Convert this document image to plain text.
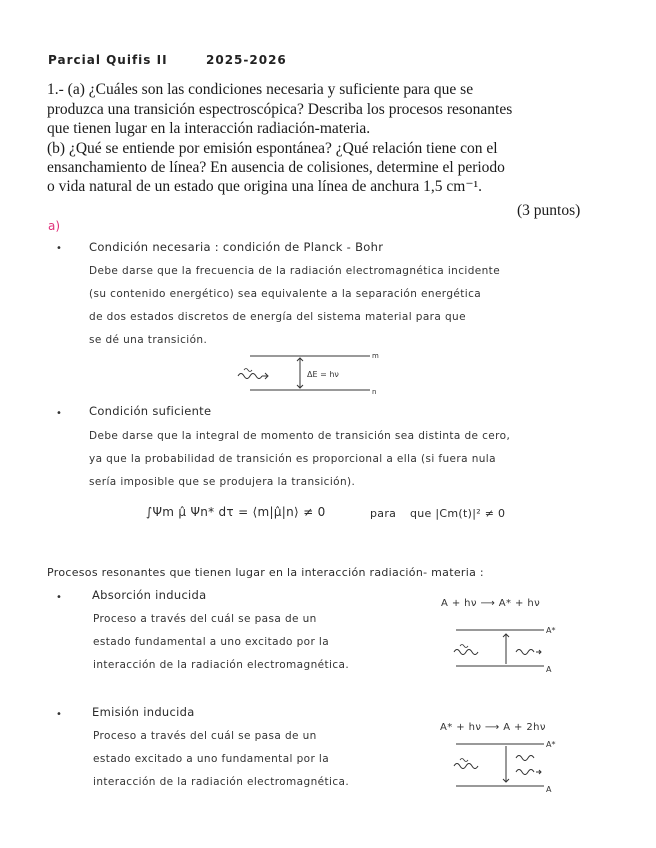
Parcial Quifis II	2025-2026
1.- (a) ¿Cuáles son las condiciones necesaria y suficiente para que se
produzca una transición espectroscópica? Describa los procesos resonantes
que tienen lugar en la interacción radiación-materia.
(b) ¿Qué se entiende por emisión espontánea? ¿Qué relación tiene con el
ensanchamiento de línea? En ausencia de colisiones, determine el periodo
o vida natural de un estado que origina una línea de anchura 1,5 cm⁻¹.
(3 puntos)
a)
• Condición necesaria : condición de Planck - Bohr
Debe darse que la frecuencia de la radiación electromagnética incidente
(su contenido energético) sea equivalente a la separación energética
de dos estados discretos de energía del sistema material para que
se dé una transición.
m
n
ΔE = hν
• Condición suficiente
Debe darse que la integral de momento de transición sea distinta de cero,
ya que la probabilidad de transición es proporcional a ella (si fuera nula
sería imposible que se produjera la transición).
∫Ψm μ̂ Ψn* dτ = ⟨m|μ̂|n⟩ ≠ 0	para que |Cm(t)|² ≠ 0
Procesos resonantes que tienen lugar en la interacción radiación- materia :
•	Absorción inducida
Proceso a través del cuál se pasa de un
estado fundamental a uno excitado por la
interacción de la radiación electromagnética.
A + hν ⟶ A* + hν
A*
A
•	Emisión inducida
Proceso a través del cuál se pasa de un
estado excitado a uno fundamental por la
interacción de la radiación electromagnética.
A* + hν ⟶ A + 2hν
A*
A
